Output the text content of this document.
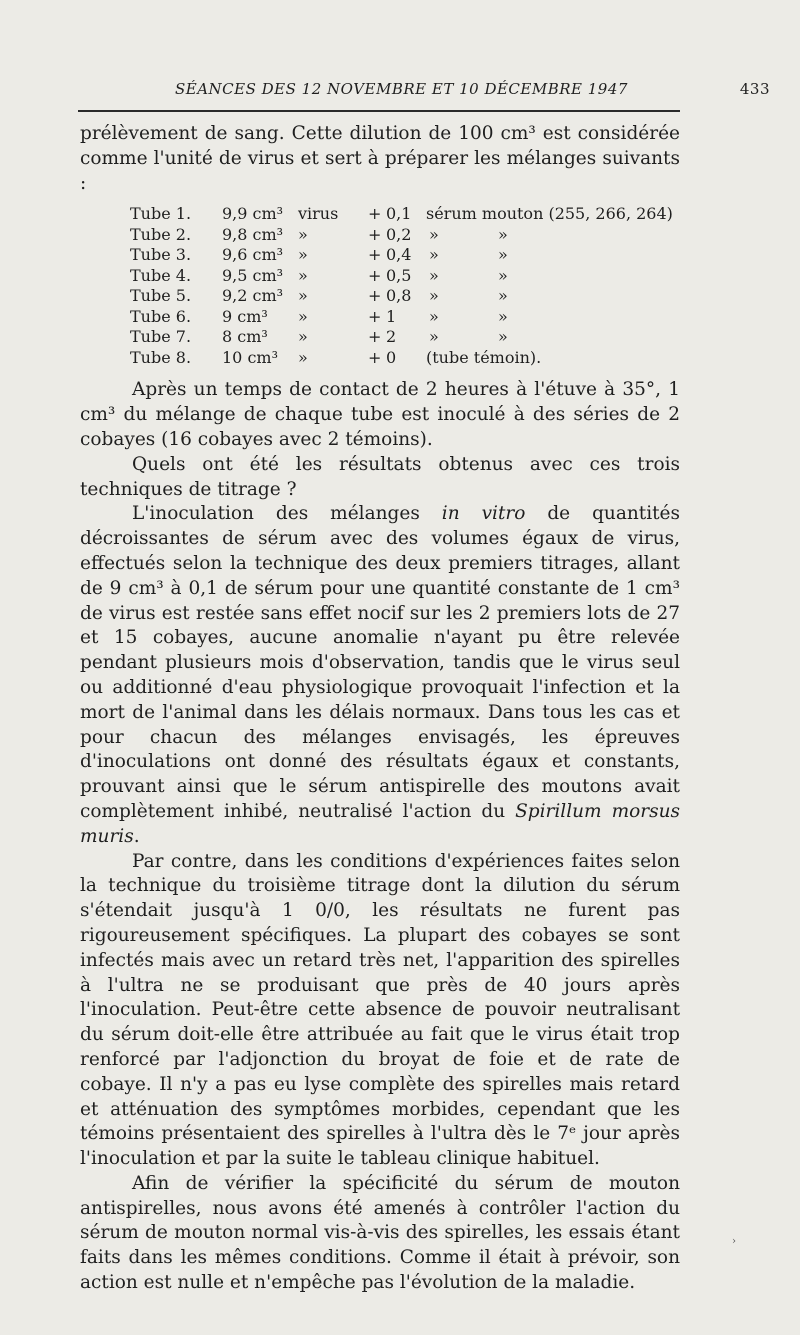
SÉANCES DES 12 NOVEMBRE ET 10 DÉCEMBRE 1947	433

prélèvement de sang. Cette dilution de 100 cm³ est considérée comme l'unité de virus et sert à préparer les mélanges suivants :

Tube 1. 9,9 cm³ virus + 0,1 sérum mouton (255, 266, 264)
Tube 2. 9,8 cm³ »	+ 0,2 »	»
Tube 3. 9,6 cm³ »	+ 0,4 »	»
Tube 4. 9,5 cm³ »	+ 0,5 »	»
Tube 5. 9,2 cm³ »	+ 0,8 »	»
Tube 6. 9 cm³ »	+ 1 »	»
Tube 7. 8 cm³ »	+ 2 »	»
Tube 8. 10 cm³ »	+ 0 (tube témoin).

Après un temps de contact de 2 heures à l'étuve à 35°, 1 cm³ du mélange de chaque tube est inoculé à des séries de 2 cobayes (16 cobayes avec 2 témoins).

Quels ont été les résultats obtenus avec ces trois techniques de titrage ?

L'inoculation des mélanges in vitro de quantités décroissantes de sérum avec des volumes égaux de virus, effectués selon la technique des deux premiers titrages, allant de 9 cm³ à 0,1 de sérum pour une quantité constante de 1 cm³ de virus est restée sans effet nocif sur les 2 premiers lots de 27 et 15 cobayes, aucune anomalie n'ayant pu être relevée pendant plusieurs mois d'observation, tandis que le virus seul ou additionné d'eau physiologique provoquait l'infection et la mort de l'animal dans les délais normaux. Dans tous les cas et pour chacun des mélanges envisagés, les épreuves d'inoculations ont donné des résultats égaux et constants, prouvant ainsi que le sérum antispirelle des moutons avait complètement inhibé, neutralisé l'action du Spirillum morsus muris.

Par contre, dans les conditions d'expériences faites selon la technique du troisième titrage dont la dilution du sérum s'étendait jusqu'à 1 0/0, les résultats ne furent pas rigoureusement spécifiques. La plupart des cobayes se sont infectés mais avec un retard très net, l'apparition des spirelles à l'ultra ne se produisant que près de 40 jours après l'inoculation. Peut-être cette absence de pouvoir neutralisant du sérum doit-elle être attribuée au fait que le virus était trop renforcé par l'adjonction du broyat de foie et de rate de cobaye. Il n'y a pas eu lyse complète des spirelles mais retard et atténuation des symptômes morbides, cependant que les témoins présentaient des spirelles à l'ultra dès le 7ᵉ jour après l'inoculation et par la suite le tableau clinique habituel.

Afin de vérifier la spécificité du sérum de mouton antispirelles, nous avons été amenés à contrôler l'action du sérum de mouton normal vis-à-vis des spirelles, les essais étant faits dans les mêmes conditions. Comme il était à prévoir, son action est nulle et n'empêche pas l'évolution de la maladie.

›
